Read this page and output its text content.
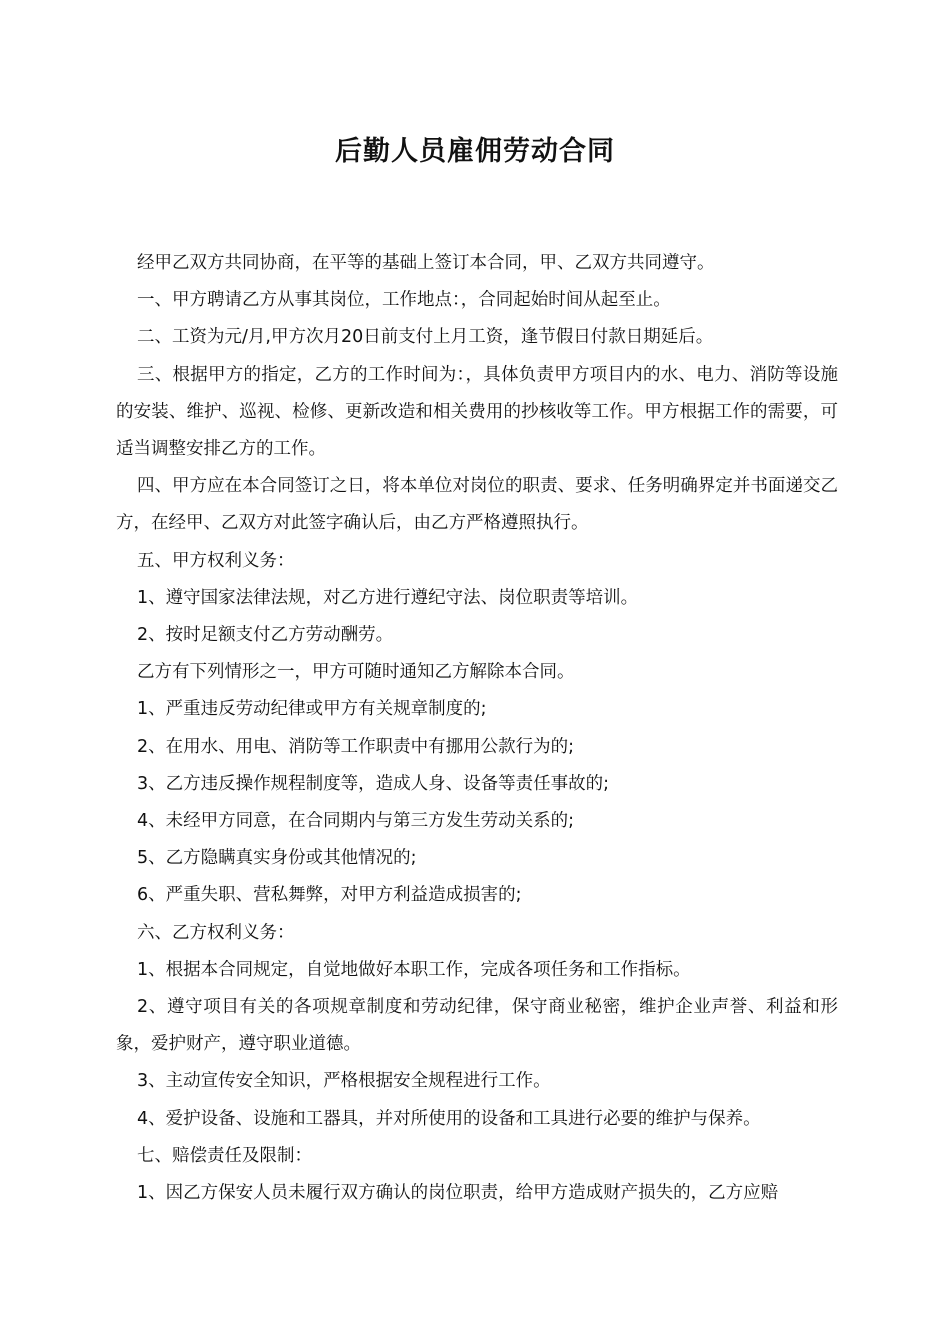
后勤人员雇佣劳动合同

经甲乙双方共同协商，在平等的基础上签订本合同，甲、乙双方共同遵守。

一、甲方聘请乙方从事其岗位，工作地点：，合同起始时间从起至止。

二、工资为元/月,甲方次月20日前支付上月工资，逢节假日付款日期延后。

三、根据甲方的指定，乙方的工作时间为：，具体负责甲方项目内的水、电力、消防等设施的安装、维护、巡视、检修、更新改造和相关费用的抄核收等工作。甲方根据工作的需要，可适当调整安排乙方的工作。

四、甲方应在本合同签订之日，将本单位对岗位的职责、要求、任务明确界定并书面递交乙方，在经甲、乙双方对此签字确认后，由乙方严格遵照执行。

五、甲方权利义务：

1、遵守国家法律法规，对乙方进行遵纪守法、岗位职责等培训。

2、按时足额支付乙方劳动酬劳。

乙方有下列情形之一，甲方可随时通知乙方解除本合同。

1、严重违反劳动纪律或甲方有关规章制度的;

2、在用水、用电、消防等工作职责中有挪用公款行为的;

3、乙方违反操作规程制度等，造成人身、设备等责任事故的;

4、未经甲方同意，在合同期内与第三方发生劳动关系的;

5、乙方隐瞒真实身份或其他情况的;

6、严重失职、营私舞弊，对甲方利益造成损害的;

六、乙方权利义务：

1、根据本合同规定，自觉地做好本职工作，完成各项任务和工作指标。

2、遵守项目有关的各项规章制度和劳动纪律，保守商业秘密，维护企业声誉、利益和形象，爱护财产，遵守职业道德。

3、主动宣传安全知识，严格根据安全规程进行工作。

4、爱护设备、设施和工器具，并对所使用的设备和工具进行必要的维护与保养。

七、赔偿责任及限制：

1、因乙方保安人员未履行双方确认的岗位职责，给甲方造成财产损失的，乙方应赔
